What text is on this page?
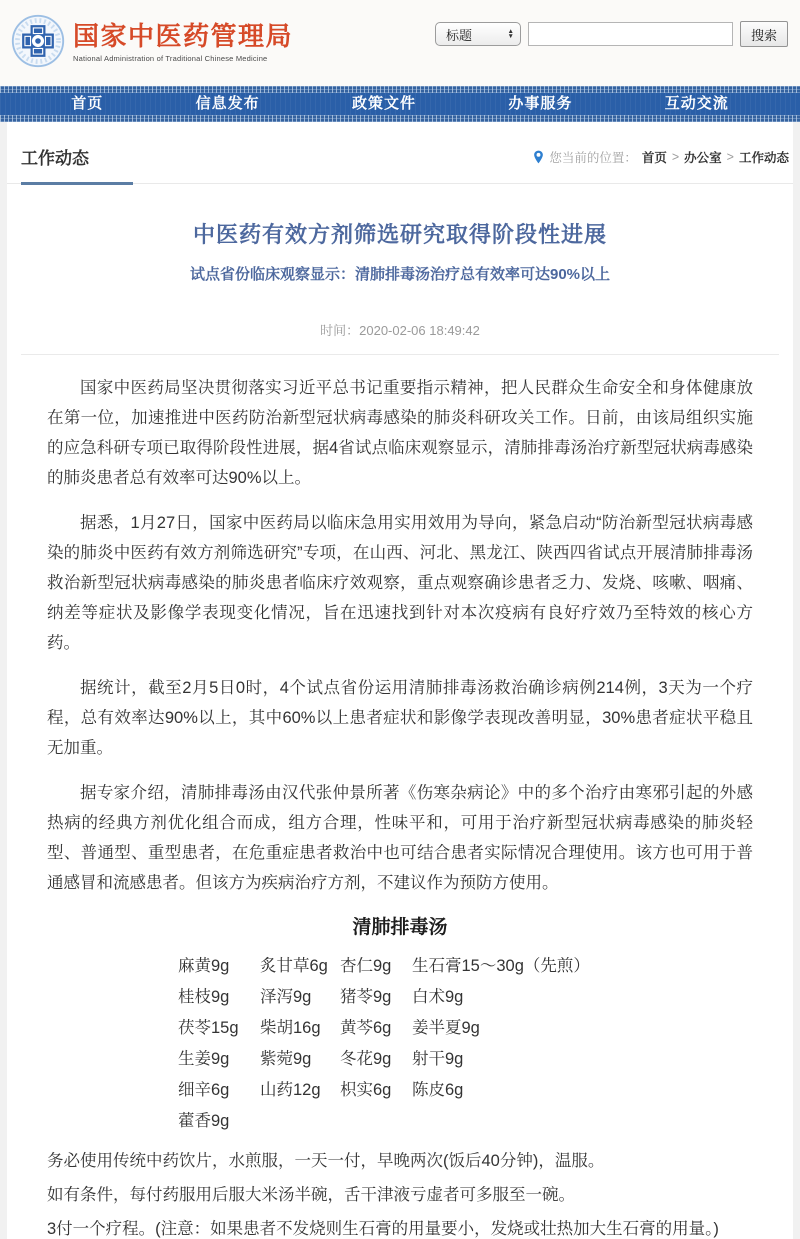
国家中医药管理局
National Administration of Traditional Chinese Medicine
标题	▲
▼	搜索
首页	信息发布	政策文件	办事服务	互动交流
工作动态	您当前的位置： 首页 > 办公室 > 工作动态
中医药有效方剂筛选研究取得阶段性进展
试点省份临床观察显示：清肺排毒汤治疗总有效率可达90%以上
时间：2020-02-06 18:49:42

国家中医药局坚决贯彻落实习近平总书记重要指示精神，把人民群众生命安全和身体健康放在第一位，加速推进中医药防治新型冠状病毒感染的肺炎科研攻关工作。日前，由该局组织实施的应急科研专项已取得阶段性进展，据4省试点临床观察显示，清肺排毒汤治疗新型冠状病毒感染的肺炎患者总有效率可达90%以上。

据悉，1月27日，国家中医药局以临床急用实用效用为导向，紧急启动“防治新型冠状病毒感染的肺炎中医药有效方剂筛选研究”专项，在山西、河北、黑龙江、陕西四省试点开展清肺排毒汤救治新型冠状病毒感染的肺炎患者临床疗效观察，重点观察确诊患者乏力、发烧、咳嗽、咽痛、纳差等症状及影像学表现变化情况，旨在迅速找到针对本次疫病有良好疗效乃至特效的核心方药。

据统计，截至2月5日0时，4个试点省份运用清肺排毒汤救治确诊病例214例，3天为一个疗程，总有效率达90%以上，其中60%以上患者症状和影像学表现改善明显，30%患者症状平稳且无加重。

据专家介绍，清肺排毒汤由汉代张仲景所著《伤寒杂病论》中的多个治疗由寒邪引起的外感热病的经典方剂优化组合而成，组方合理，性味平和，可用于治疗新型冠状病毒感染的肺炎轻型、普通型、重型患者，在危重症患者救治中也可结合患者实际情况合理使用。该方也可用于普通感冒和流感患者。但该方为疾病治疗方剂，不建议作为预防方使用。

清肺排毒汤
麻黄9g	炙甘草6g 杏仁9g	生石膏15～30g（先煎）
桂枝9g	泽泻9g	猪苓9g	白术9g
茯苓15g	柴胡16g	黄芩6g	姜半夏9g
生姜9g	紫菀9g	冬花9g	射干9g
细辛6g	山药12g	枳实6g	陈皮6g
藿香9g

务必使用传统中药饮片，水煎服，一天一付，早晚两次(饭后40分钟)，温服。

如有条件，每付药服用后服大米汤半碗，舌干津液亏虚者可多服至一碗。

3付一个疗程。(注意：如果患者不发烧则生石膏的用量要小，发烧或壮热加大生石膏的用量。)
